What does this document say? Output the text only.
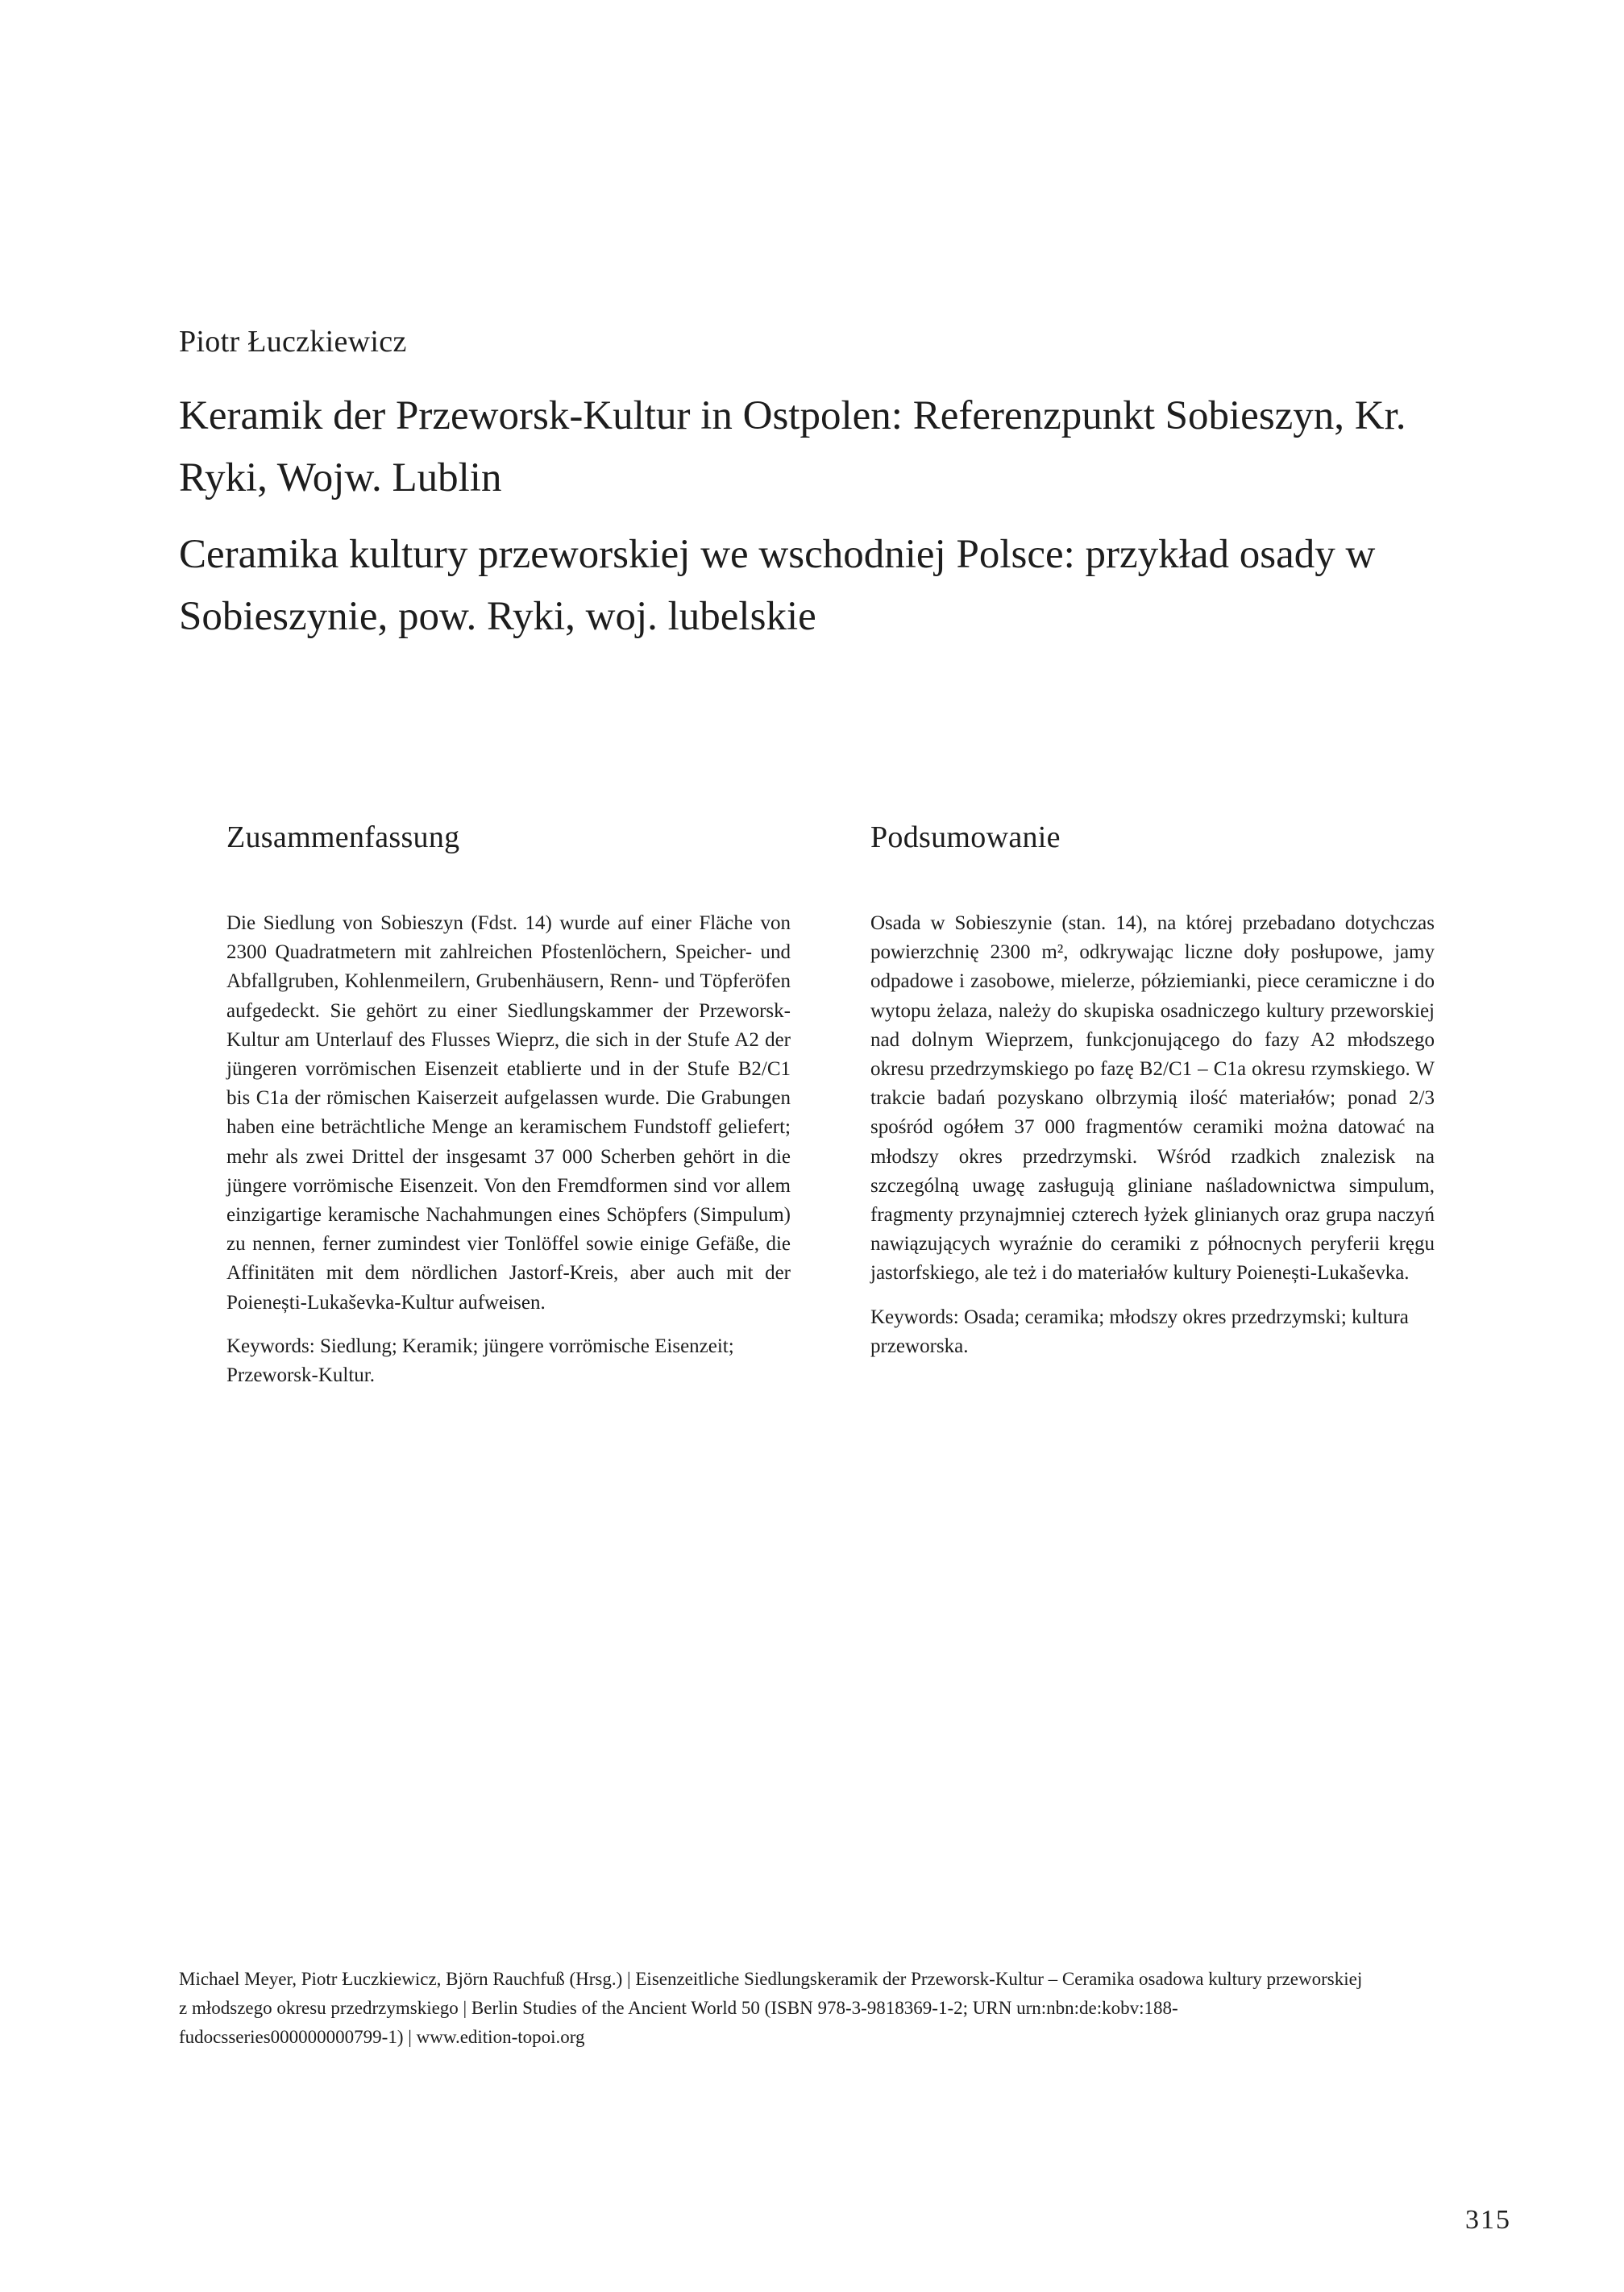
Piotr Łuczkiewicz
Keramik der Przeworsk-Kultur in Ostpolen: Referenzpunkt Sobieszyn, Kr. Ryki, Wojw. Lublin
Ceramika kultury przeworskiej we wschodniej Polsce: przykład osady w Sobieszynie, pow. Ryki, woj. lubelskie
Zusammenfassung

Die Siedlung von Sobieszyn (Fdst. 14) wurde auf einer Fläche von 2300 Quadratmetern mit zahlreichen Pfostenlöchern, Speicher- und Abfallgruben, Kohlenmeilern, Grubenhäusern, Renn- und Töpferöfen aufgedeckt. Sie gehört zu einer Siedlungskammer der Przeworsk-Kultur am Unterlauf des Flusses Wieprz, die sich in der Stufe A2 der jüngeren vorrömischen Eisenzeit etablierte und in der Stufe B2/C1 bis C1a der römischen Kaiserzeit aufgelassen wurde. Die Grabungen haben eine beträchtliche Menge an keramischem Fundstoff geliefert; mehr als zwei Drittel der insgesamt 37 000 Scherben gehört in die jüngere vorrömische Eisenzeit. Von den Fremdformen sind vor allem einzigartige keramische Nachahmungen eines Schöpfers (Simpulum) zu nennen, ferner zumindest vier Tonlöffel sowie einige Gefäße, die Affinitäten mit dem nördlichen Jastorf-Kreis, aber auch mit der Poienești-Lukaševka-Kultur aufweisen.

Keywords: Siedlung; Keramik; jüngere vorrömische Eisenzeit; Przeworsk-Kultur.

Podsumowanie

Osada w Sobieszynie (stan. 14), na której przebadano dotychczas powierzchnię 2300 m², odkrywając liczne doły posłupowe, jamy odpadowe i zasobowe, mielerze, półziemianki, piece ceramiczne i do wytopu żelaza, należy do skupiska osadniczego kultury przeworskiej nad dolnym Wieprzem, funkcjonującego do fazy A2 młodszego okresu przedrzymskiego po fazę B2/C1 – C1a okresu rzymskiego. W trakcie badań pozyskano olbrzymią ilość materiałów; ponad 2/3 spośród ogółem 37 000 fragmentów ceramiki można datować na młodszy okres przedrzymski. Wśród rzadkich znalezisk na szczególną uwagę zasługują gliniane naśladownictwa simpulum, fragmenty przynajmniej czterech łyżek glinianych oraz grupa naczyń nawiązujących wyraźnie do ceramiki z północnych peryferii kręgu jastorfskiego, ale też i do materiałów kultury Poienești-Lukaševka.

Keywords: Osada; ceramika; młodszy okres przedrzymski; kultura przeworska.

Michael Meyer, Piotr Łuczkiewicz, Björn Rauchfuß (Hrsg.) | Eisenzeitliche Siedlungskeramik der Przeworsk-Kultur – Ceramika osadowa kultury przeworskiej z młodszego okresu przedrzymskiego | Berlin Studies of the Ancient World 50 (ISBN 978-3-9818369-1-2; URN urn:nbn:de:kobv:188-fudocsseries000000000799-1) | www.edition-topoi.org
315
